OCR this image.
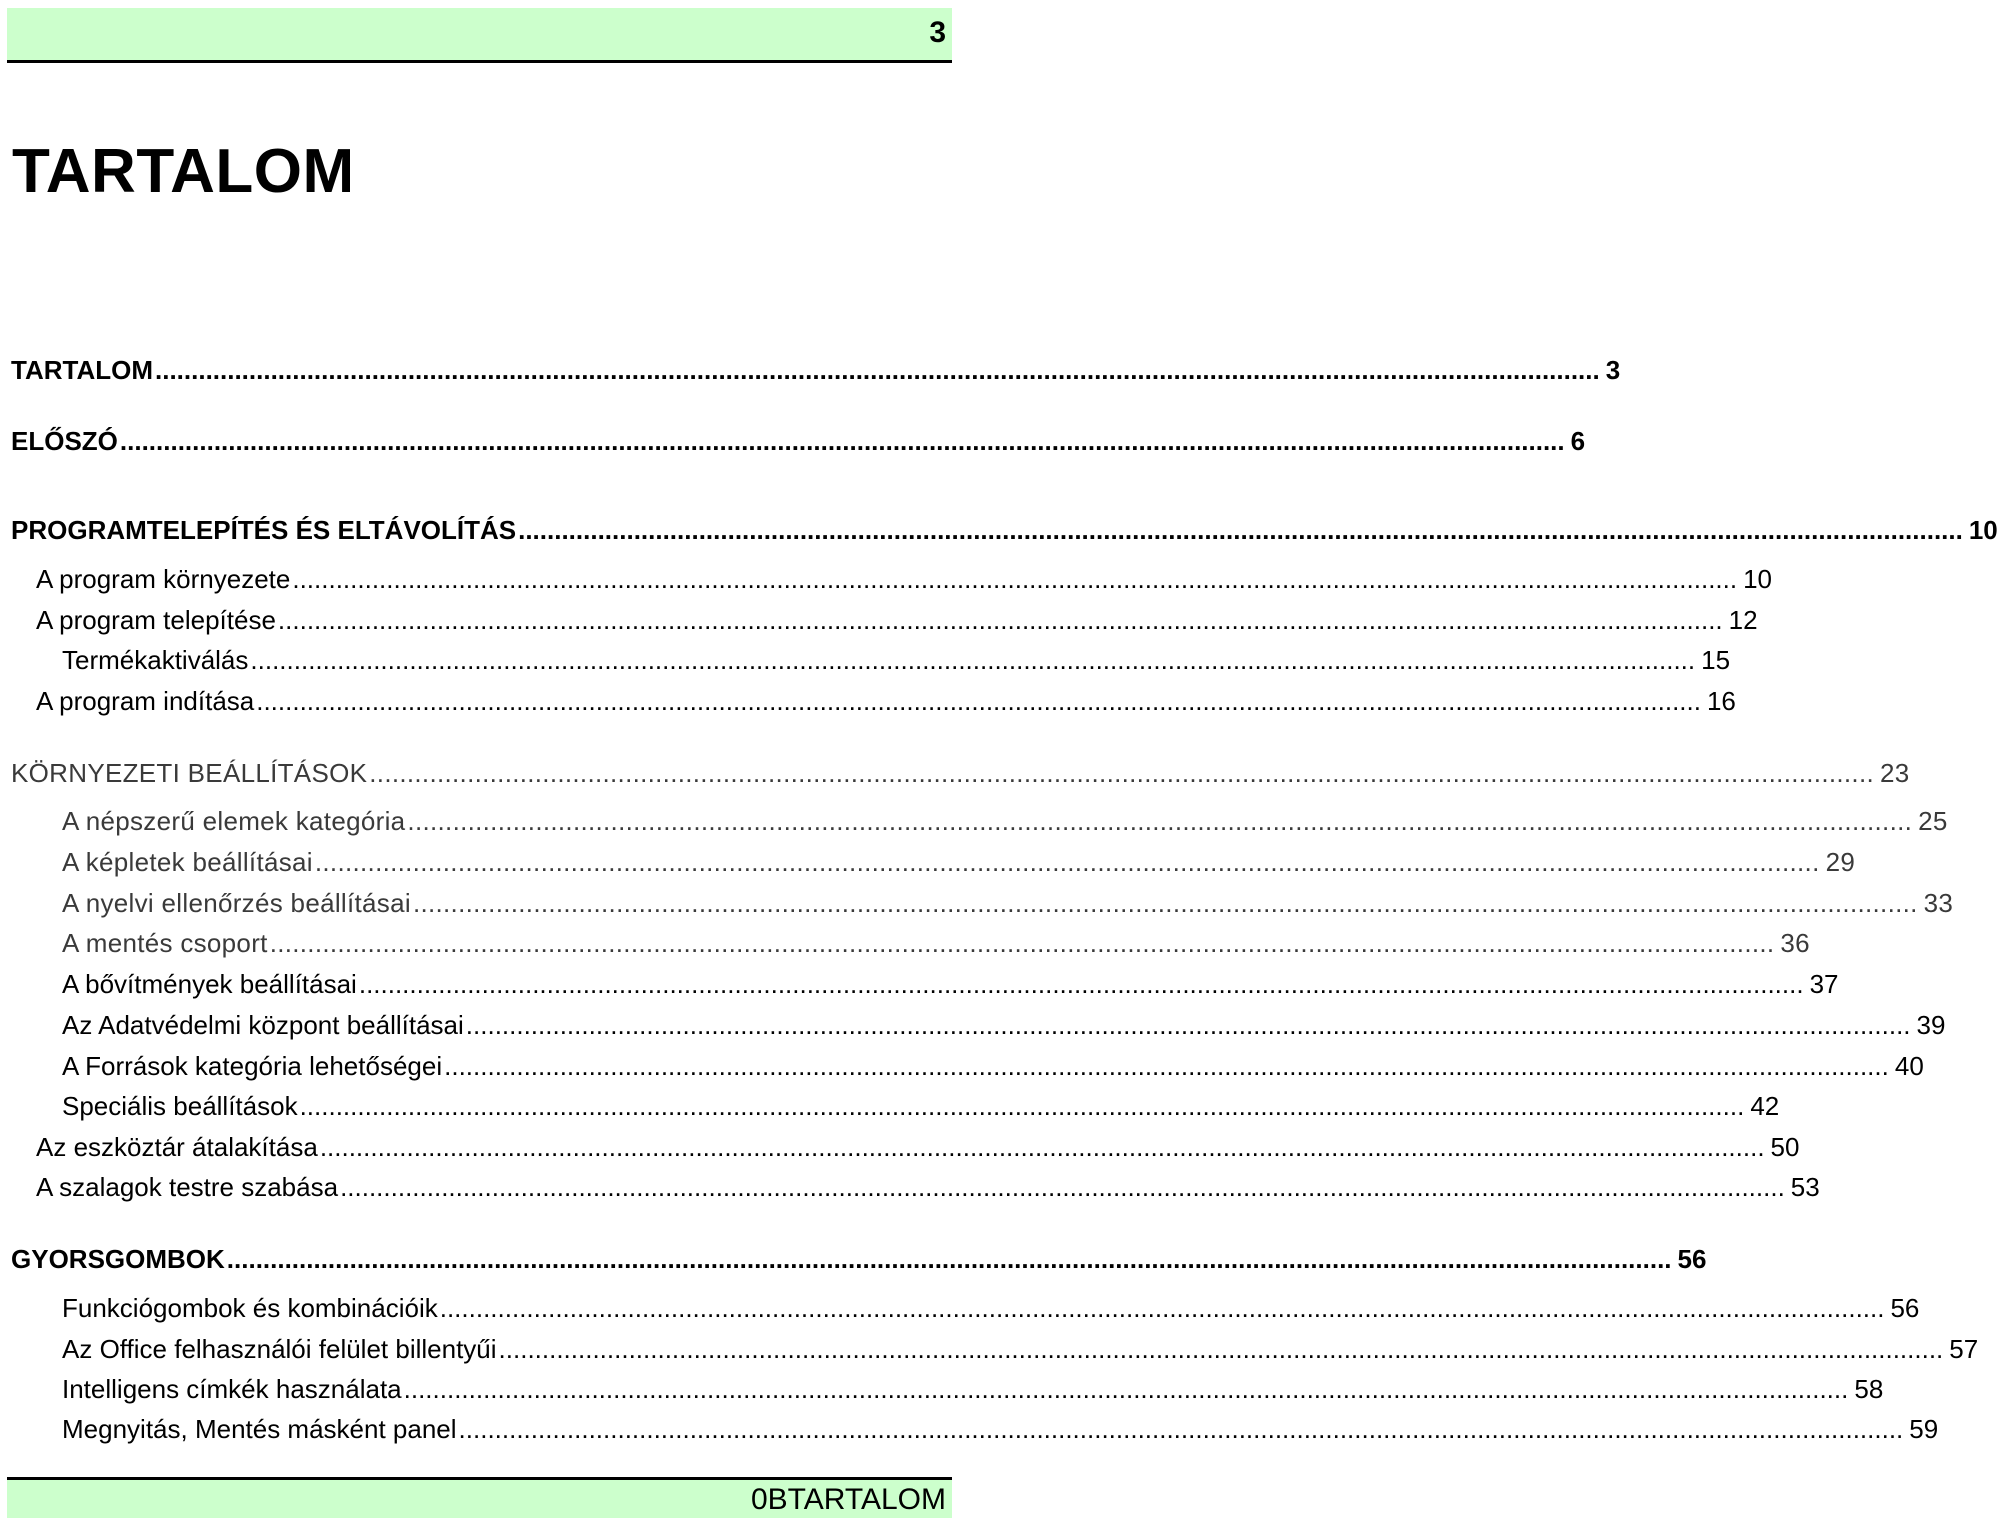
3
TARTALOM
TARTALOM ........................................................................................................................................................................................................ 3
ELŐSZÓ ........................................................................................................................................................................................................ 6
PROGRAMTELEPÍTÉS ÉS ELTÁVOLÍTÁS ........................................................................................................................................................................................................ 10
A program környezete ........................................................................................................................................................................................................ 10
A program telepítése ........................................................................................................................................................................................................ 12
Termékaktiválás ........................................................................................................................................................................................................ 15
A program indítása ........................................................................................................................................................................................................ 16
KÖRNYEZETI BEÁLLÍTÁSOK ........................................................................................................................................................................................................ 23
A népszerű elemek kategória ........................................................................................................................................................................................................ 25
A képletek beállításai ........................................................................................................................................................................................................ 29
A nyelvi ellenőrzés beállításai ........................................................................................................................................................................................................ 33
A mentés csoport ........................................................................................................................................................................................................ 36
A bővítmények beállításai ........................................................................................................................................................................................................ 37
Az Adatvédelmi központ beállításai ........................................................................................................................................................................................................ 39
A Források kategória lehetőségei ........................................................................................................................................................................................................ 40
Speciális beállítások ........................................................................................................................................................................................................ 42
Az eszköztár átalakítása ........................................................................................................................................................................................................ 50
A szalagok testre szabása ........................................................................................................................................................................................................ 53
GYORSGOMBOK ........................................................................................................................................................................................................ 56
Funkciógombok és kombinációik ........................................................................................................................................................................................................ 56
Az Office felhasználói felület billentyűi ........................................................................................................................................................................................................ 57
Intelligens címkék használata ........................................................................................................................................................................................................ 58
Megnyitás, Mentés másként panel ........................................................................................................................................................................................................ 59
0BTARTALOM
